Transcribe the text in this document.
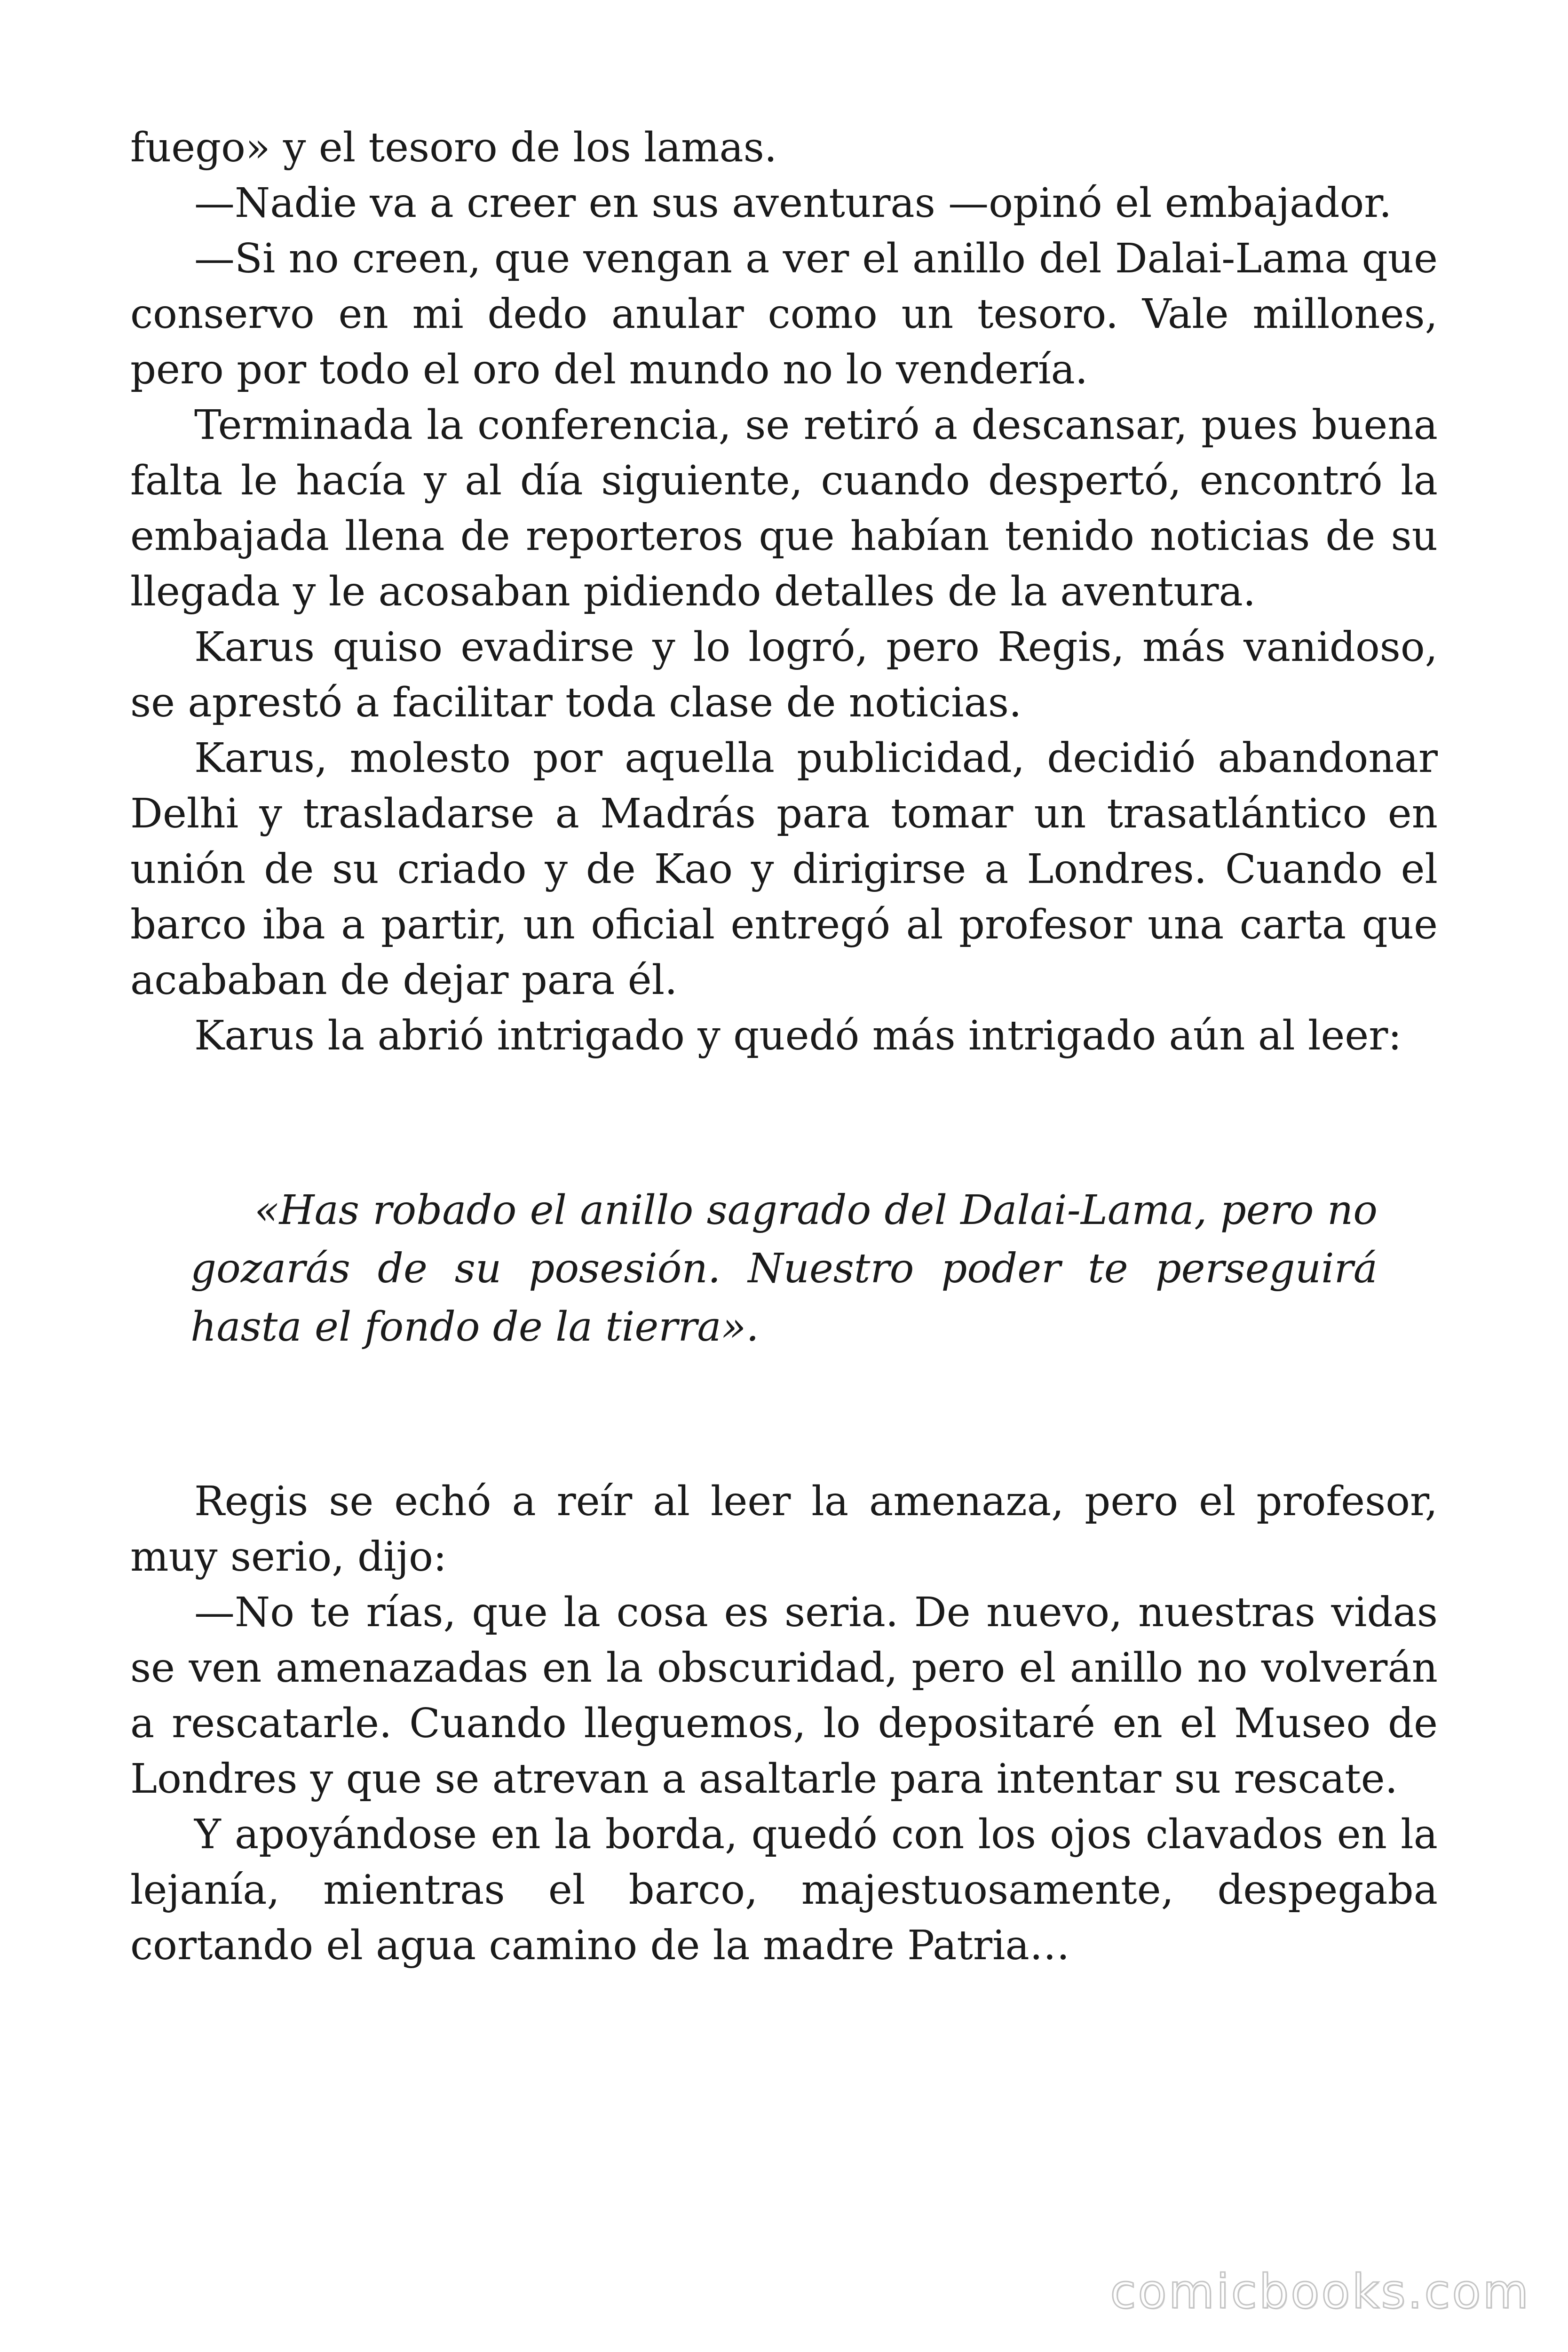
fuego» y el tesoro de los lamas.

—Nadie va a creer en sus aventuras —opinó el embajador.

—Si no creen, que vengan a ver el anillo del Dalai-Lama que conservo en mi dedo anular como un tesoro. Vale millones, pero por todo el oro del mundo no lo vendería.

Terminada la conferencia, se retiró a descansar, pues buena falta le hacía y al día siguiente, cuando despertó, encontró la embajada llena de reporteros que habían tenido noticias de su llegada y le acosaban pidiendo detalles de la aventura.

Karus quiso evadirse y lo logró, pero Regis, más vanidoso, se aprestó a facilitar toda clase de noticias.

Karus, molesto por aquella publicidad, decidió abandonar Delhi y trasladarse a Madrás para tomar un trasatlántico en unión de su criado y de Kao y dirigirse a Londres. Cuando el barco iba a partir, un oficial entregó al profesor una carta que acababan de dejar para él.

Karus la abrió intrigado y quedó más intrigado aún al leer:

«Has robado el anillo sagrado del Dalai-Lama, pero no gozarás de su posesión. Nuestro poder te perseguirá hasta el fondo de la tierra».

Regis se echó a reír al leer la amenaza, pero el profesor, muy serio, dijo:

—No te rías, que la cosa es seria. De nuevo, nuestras vidas se ven amenazadas en la obscuridad, pero el anillo no volverán a rescatarle. Cuando lleguemos, lo depositaré en el Museo de Londres y que se atrevan a asaltarle para intentar su rescate.

Y apoyándose en la borda, quedó con los ojos clavados en la lejanía, mientras el barco, majestuosamente, despegaba cortando el agua camino de la madre Patria…

comicbooks.com
